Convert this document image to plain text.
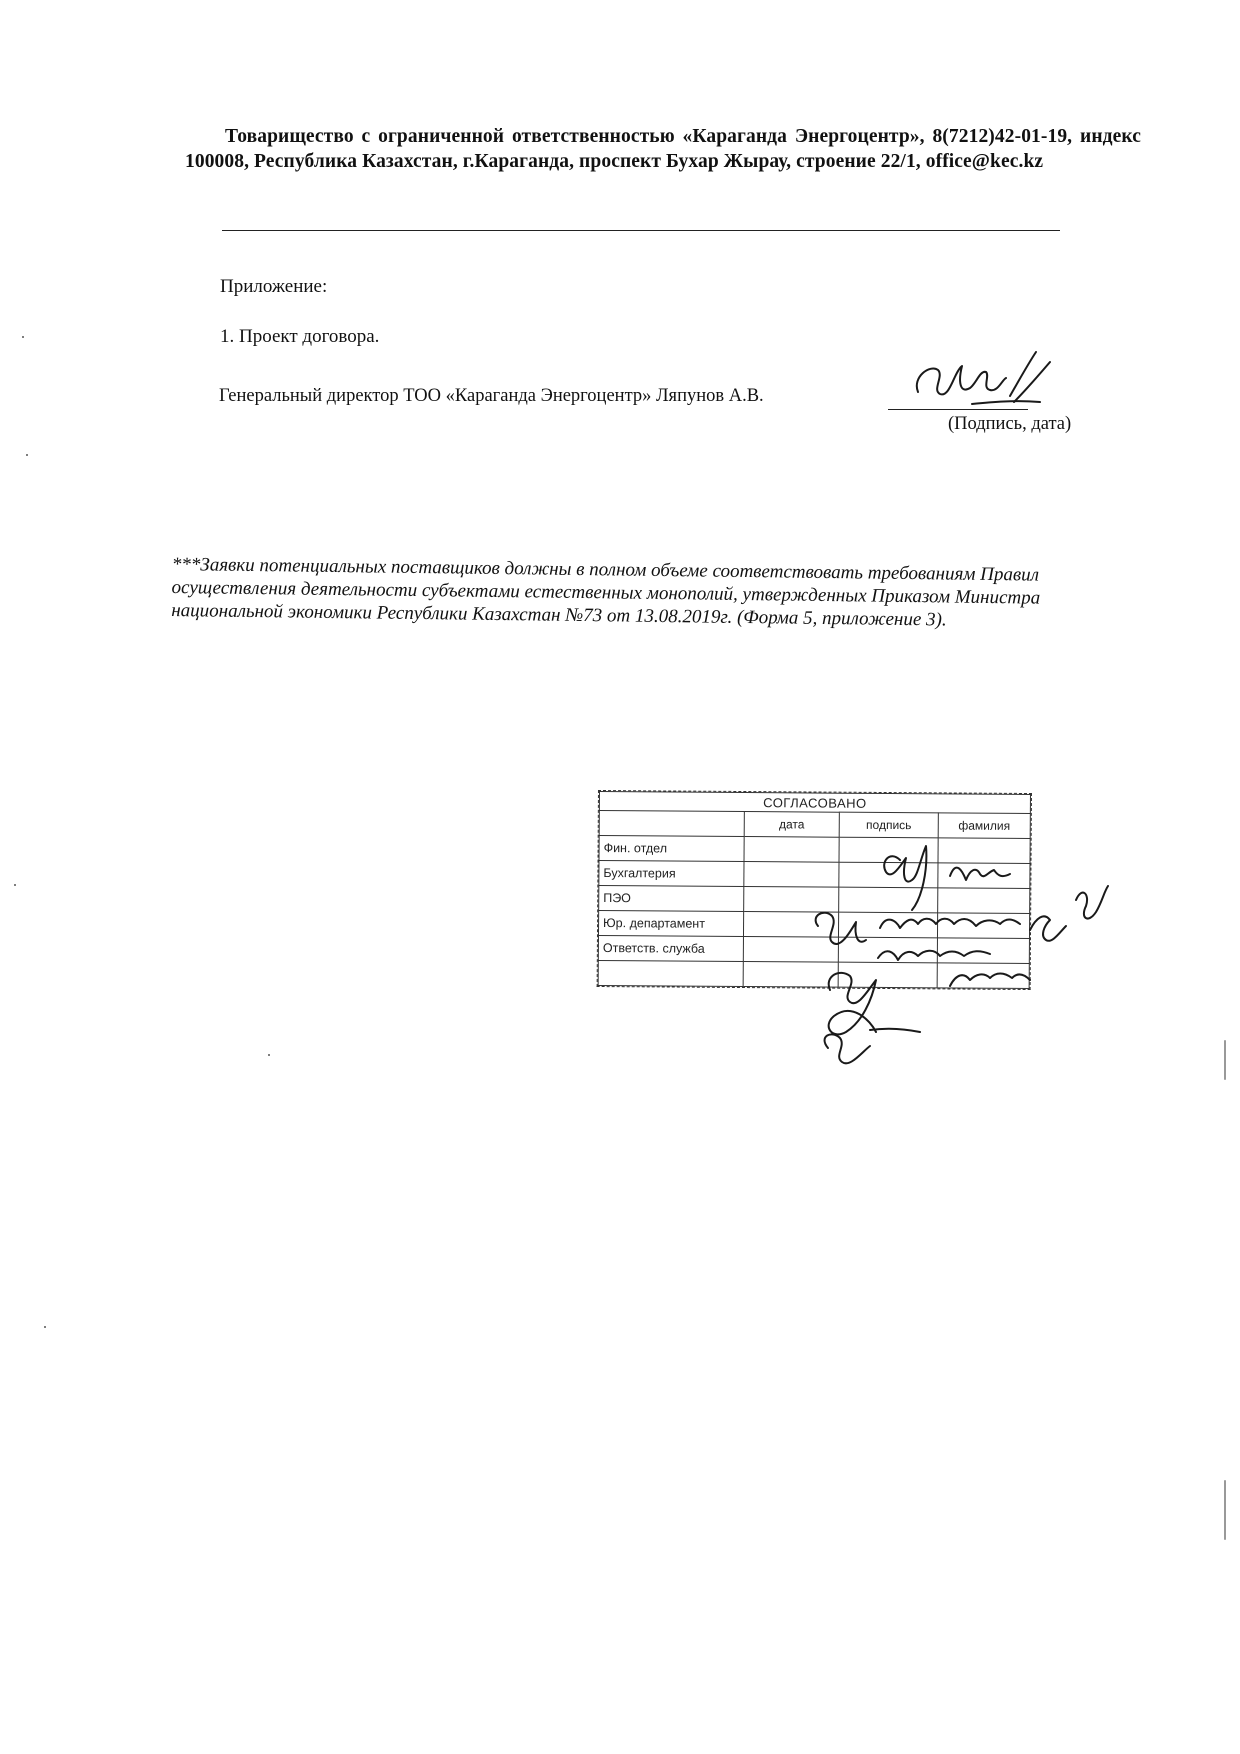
Товарищество с ограниченной ответственностью «Караганда Энергоцентр», 8(7212)42-01-19, индекс 100008, Республика Казахстан, г.Караганда, проспект Бухар Жырау, строение 22/1, office@kec.kz
Приложение:
1. Проект договора.
Генеральный директор ТОО «Караганда Энергоцентр» Ляпунов А.В.
(Подпись, дата)
***Заявки потенциальных поставщиков должны в полном объеме соответствовать требованиям Правил осуществления деятельности субъектами естественных монополий, утвержденных Приказом Министра национальной экономики Республики Казахстан №73 от 13.08.2019г. (Форма 5, приложение 3).
СОГЛАСОВАНО			
	дата	подпись	фамилия
Фин. отдел			
Бухгалтерия			
ПЭО			
Юр. департамент			
Ответств. служба			
